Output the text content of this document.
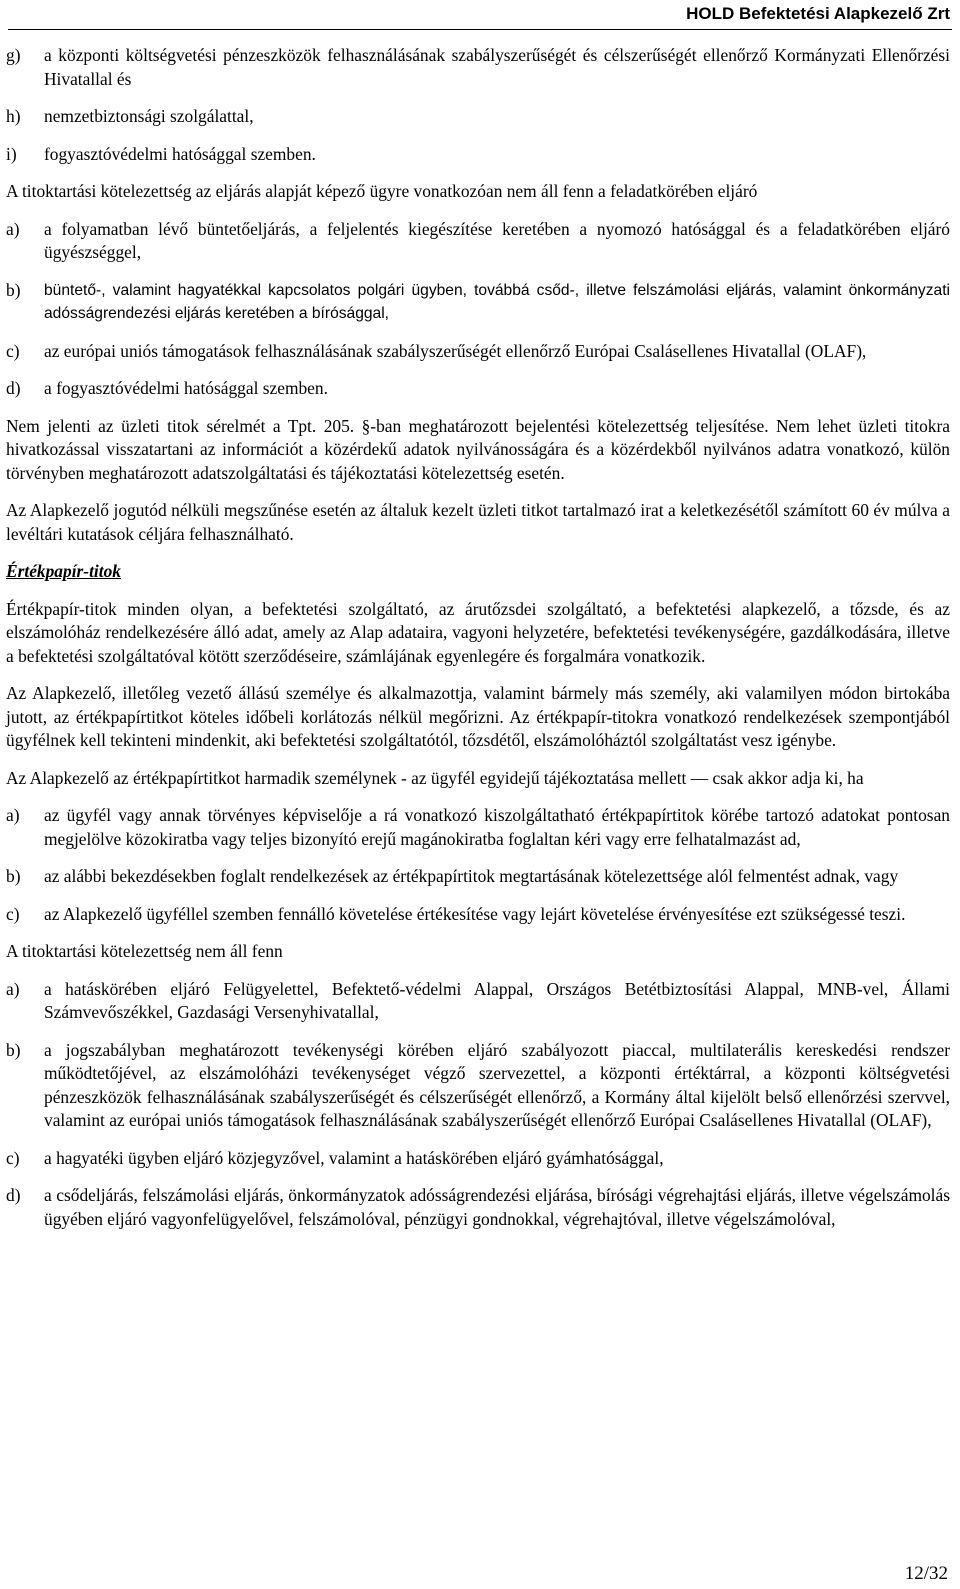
HOLD Befektetési Alapkezelő Zrt
g)	a központi költségvetési pénzeszközök felhasználásának szabályszerűségét és célszerűségét ellenőrző Kormányzati Ellenőrzési Hivatallal és
h)	nemzetbiztonsági szolgálattal,
i)	fogyasztóvédelmi hatósággal szemben.

A titoktartási kötelezettség az eljárás alapját képező ügyre vonatkozóan nem áll fenn a feladatkörében eljáró

a)	a folyamatban lévő büntetőeljárás, a feljelentés kiegészítése keretében a nyomozó hatósággal és a feladatkörében eljáró ügyészséggel,
b)	büntető-, valamint hagyatékkal kapcsolatos polgári ügyben, továbbá csőd-, illetve felszámolási eljárás, valamint önkormányzati adósságrendezési eljárás keretében a bírósággal,
c)	az európai uniós támogatások felhasználásának szabályszerűségét ellenőrző Európai Csalásellenes Hivatallal (OLAF),
d)	a fogyasztóvédelmi hatósággal szemben.

Nem jelenti az üzleti titok sérelmét a Tpt. 205. §-ban meghatározott bejelentési kötelezettség teljesítése. Nem lehet üzleti titokra hivatkozással visszatartani az információt a közérdekű adatok nyilvánosságára és a közérdekből nyilvános adatra vonatkozó, külön törvényben meghatározott adatszolgáltatási és tájékoztatási kötelezettség esetén.

Az Alapkezelő jogutód nélküli megszűnése esetén az általuk kezelt üzleti titkot tartalmazó irat a keletkezésétől számított 60 év múlva a levéltári kutatások céljára felhasználható.

Értékpapír-titok

Értékpapír-titok minden olyan, a befektetési szolgáltató, az árutőzsdei szolgáltató, a befektetési alapkezelő, a tőzsde, és az elszámolóház rendelkezésére álló adat, amely az Alap adataira, vagyoni helyzetére, befektetési tevékenységére, gazdálkodására, illetve a befektetési szolgáltatóval kötött szerződéseire, számlájának egyenlegére és forgalmára vonatkozik.

Az Alapkezelő, illetőleg vezető állású személye és alkalmazottja, valamint bármely más személy, aki valamilyen módon birtokába jutott, az értékpapírtitkot köteles időbeli korlátozás nélkül megőrizni. Az értékpapír-titokra vonatkozó rendelkezések szempontjából ügyfélnek kell tekinteni mindenkit, aki befektetési szolgáltatótól, tőzsdétől, elszámolóháztól szolgáltatást vesz igénybe.

Az Alapkezelő az értékpapírtitkot harmadik személynek - az ügyfél egyidejű tájékoztatása mellett — csak akkor adja ki, ha

a)	az ügyfél vagy annak törvényes képviselője a rá vonatkozó kiszolgáltatható értékpapírtitok körébe tartozó adatokat pontosan megjelölve közokiratba vagy teljes bizonyító erejű magánokiratba foglaltan kéri vagy erre felhatalmazást ad,
b)	az alábbi bekezdésekben foglalt rendelkezések az értékpapírtitok megtartásának kötelezettsége alól felmentést adnak, vagy
c)	az Alapkezelő ügyféllel szemben fennálló követelése értékesítése vagy lejárt követelése érvényesítése ezt szükségessé teszi.

A titoktartási kötelezettség nem áll fenn

a)	a hatáskörében eljáró Felügyelettel, Befektető-védelmi Alappal, Országos Betétbiztosítási Alappal, MNB-vel, Állami Számvevőszékkel, Gazdasági Versenyhivatallal,
b)	a jogszabályban meghatározott tevékenységi körében eljáró szabályozott piaccal, multilaterális kereskedési rendszer működtetőjével, az elszámolóházi tevékenységet végző szervezettel, a központi értéktárral, a központi költségvetési pénzeszközök felhasználásának szabályszerűségét és célszerűségét ellenőrző, a Kormány által kijelölt belső ellenőrzési szervvel, valamint az európai uniós támogatások felhasználásának szabályszerűségét ellenőrző Európai Csalásellenes Hivatallal (OLAF),
c)	a hagyatéki ügyben eljáró közjegyzővel, valamint a hatáskörében eljáró gyámhatósággal,
d)	a csődeljárás, felszámolási eljárás, önkormányzatok adósságrendezési eljárása, bírósági végrehajtási eljárás, illetve végelszámolás ügyében eljáró vagyonfelügyelővel, felszámolóval, pénzügyi gondnokkal, végrehajtóval, illetve végelszámolóval,
12/32
